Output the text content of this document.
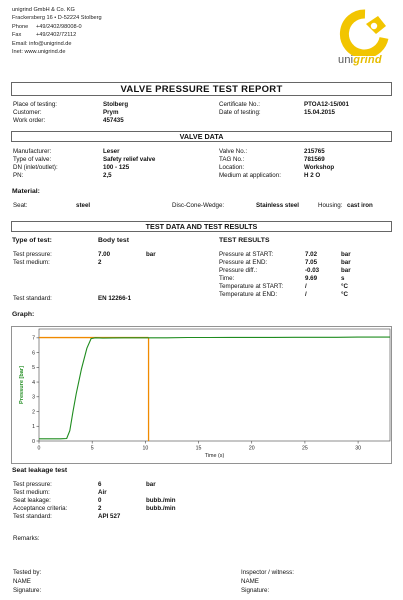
unigrind GmbH & Co. KG
Frackersberg 16 • D-52224 Stolberg
Phone +49/2402/98008-0
Fax	+49/2402/72112
Email: info@unigrind.de
Inet: www.unigrind.de
unigrind
VALVE PRESSURE TEST REPORT
Place of testing:	Stolberg
Customer:	Prym
Work order:	457435
Certificate No.:	PTOA12-15/001
Date of testing:	15.04.2015
VALVE DATA
Manufacturer:	Leser
Type of valve:	Safety relief valve
DN (inlet/outlet):	100 - 125
PN:	2,5
Valve No.:	215765
TAG No.:	781569
Location:	Workshop
Medium at application:	H 2 O
Material:
Seat:	steel	Disc-Cone-Wedge:	Stainless steel	Housing: cast iron
TEST DATA AND TEST RESULTS
Type of test:	Body test	TEST RESULTS
Test pressure:	7.00	bar
Test medium:	2
Test standard:	EN 12266-1
Pressure at START:	7.02	bar
Pressure at END:	7.05	bar
Pressure diff.:	-0.03	bar
Time:	9.69	s
Temperature at START:	/	°C
Temperature at END:	/	°C
Graph:
0
1
2
3
4
5
6
7
0	5	10	15	20	25	30
Time (s)
Pressure [bar]
Seat leakage test
Test pressure:	6	bar
Test medium:	Air
Seat leakage:	0	bubb./min
Acceptance criteria:	2	bubb./min
Test standard:	API 527
Remarks:
Tested by:
NAME
Signature:
Inspector / witness:
NAME
Signature:
